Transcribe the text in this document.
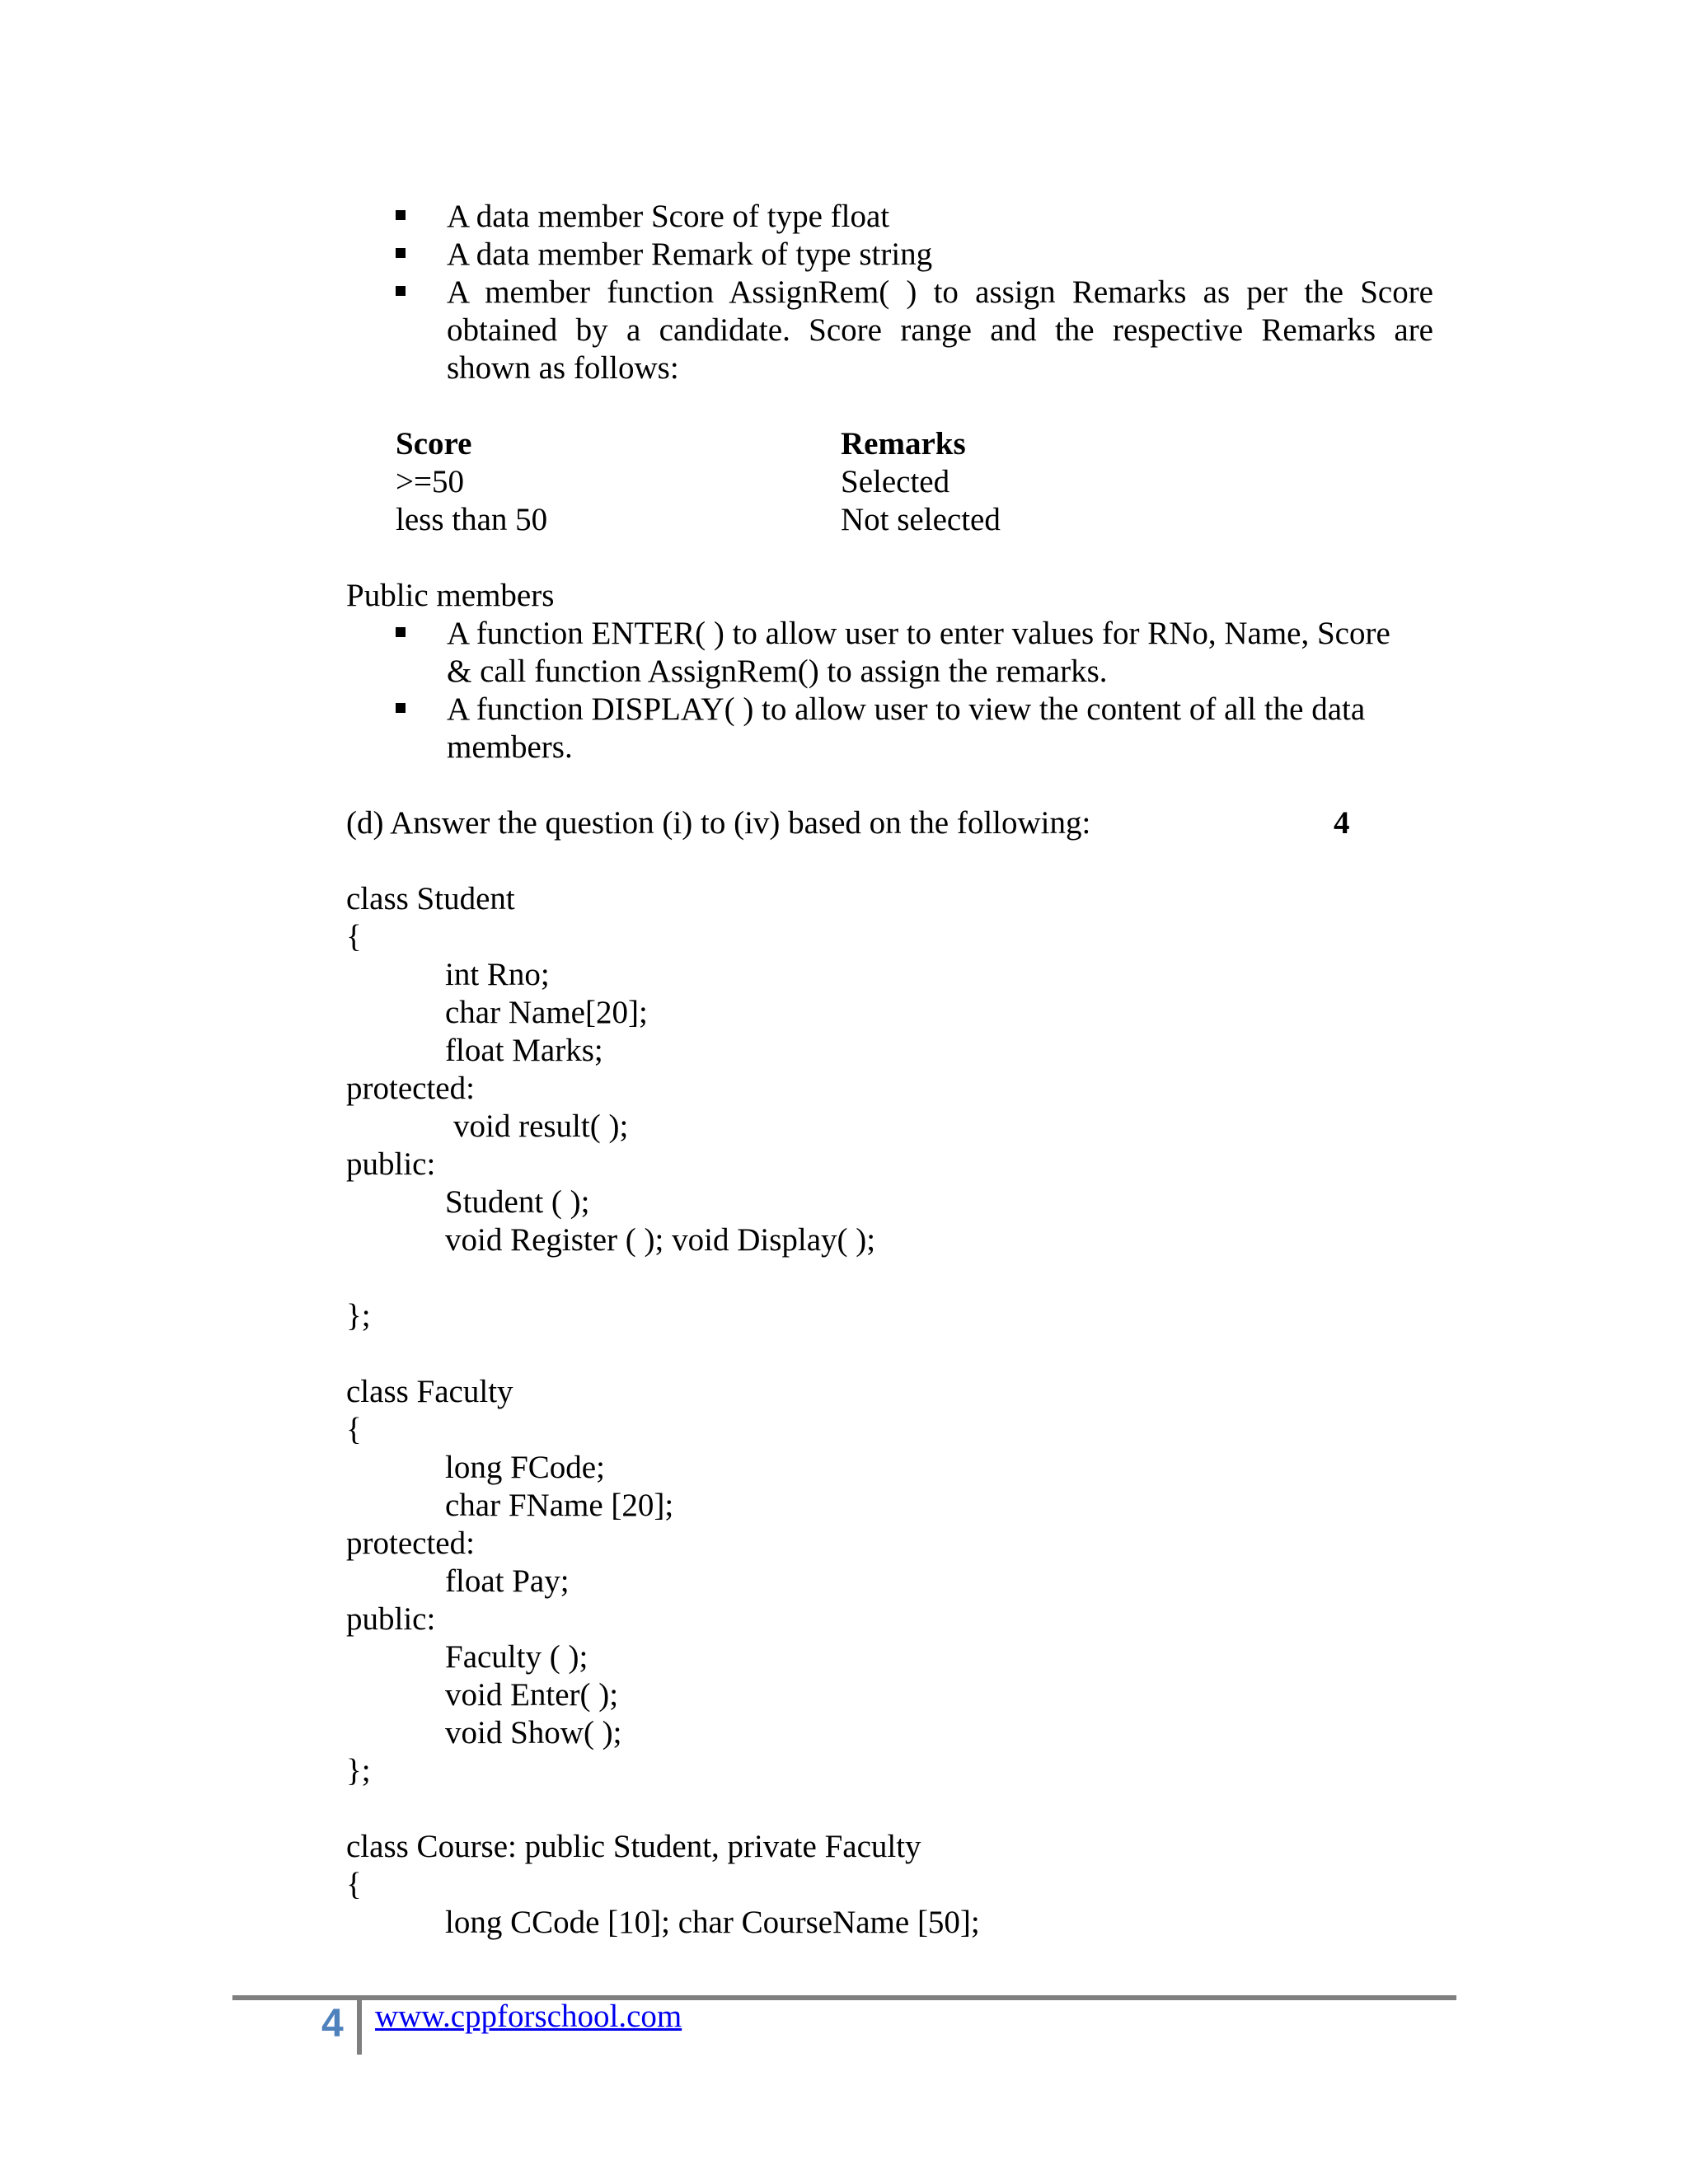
A data member Score of type float
A data member Remark of type string
A member function AssignRem( ) to assign Remarks as per the Score
obtained by a candidate. Score range and the respective Remarks are
shown as follows:
Score	Remarks
>=50	Selected
less than 50	Not selected
Public members
A function ENTER( ) to allow user to enter values for RNo, Name, Score
& call function AssignRem() to assign the remarks.
A function DISPLAY( ) to allow user to view the content of all the data
members.
(d) Answer the question (i) to (iv) based on the following:	4
class Student
{
int Rno;
char Name[20];
float Marks;
protected:
void result( );
public:
Student ( );
void Register ( ); void Display( );
};
class Faculty
{
long FCode;
char FName [20];
protected:
float Pay;
public:
Faculty ( );
void Enter( );
void Show( );
};
class Course: public Student, private Faculty
{
long CCode [10]; char CourseName [50];
4 www.cppforschool.com
